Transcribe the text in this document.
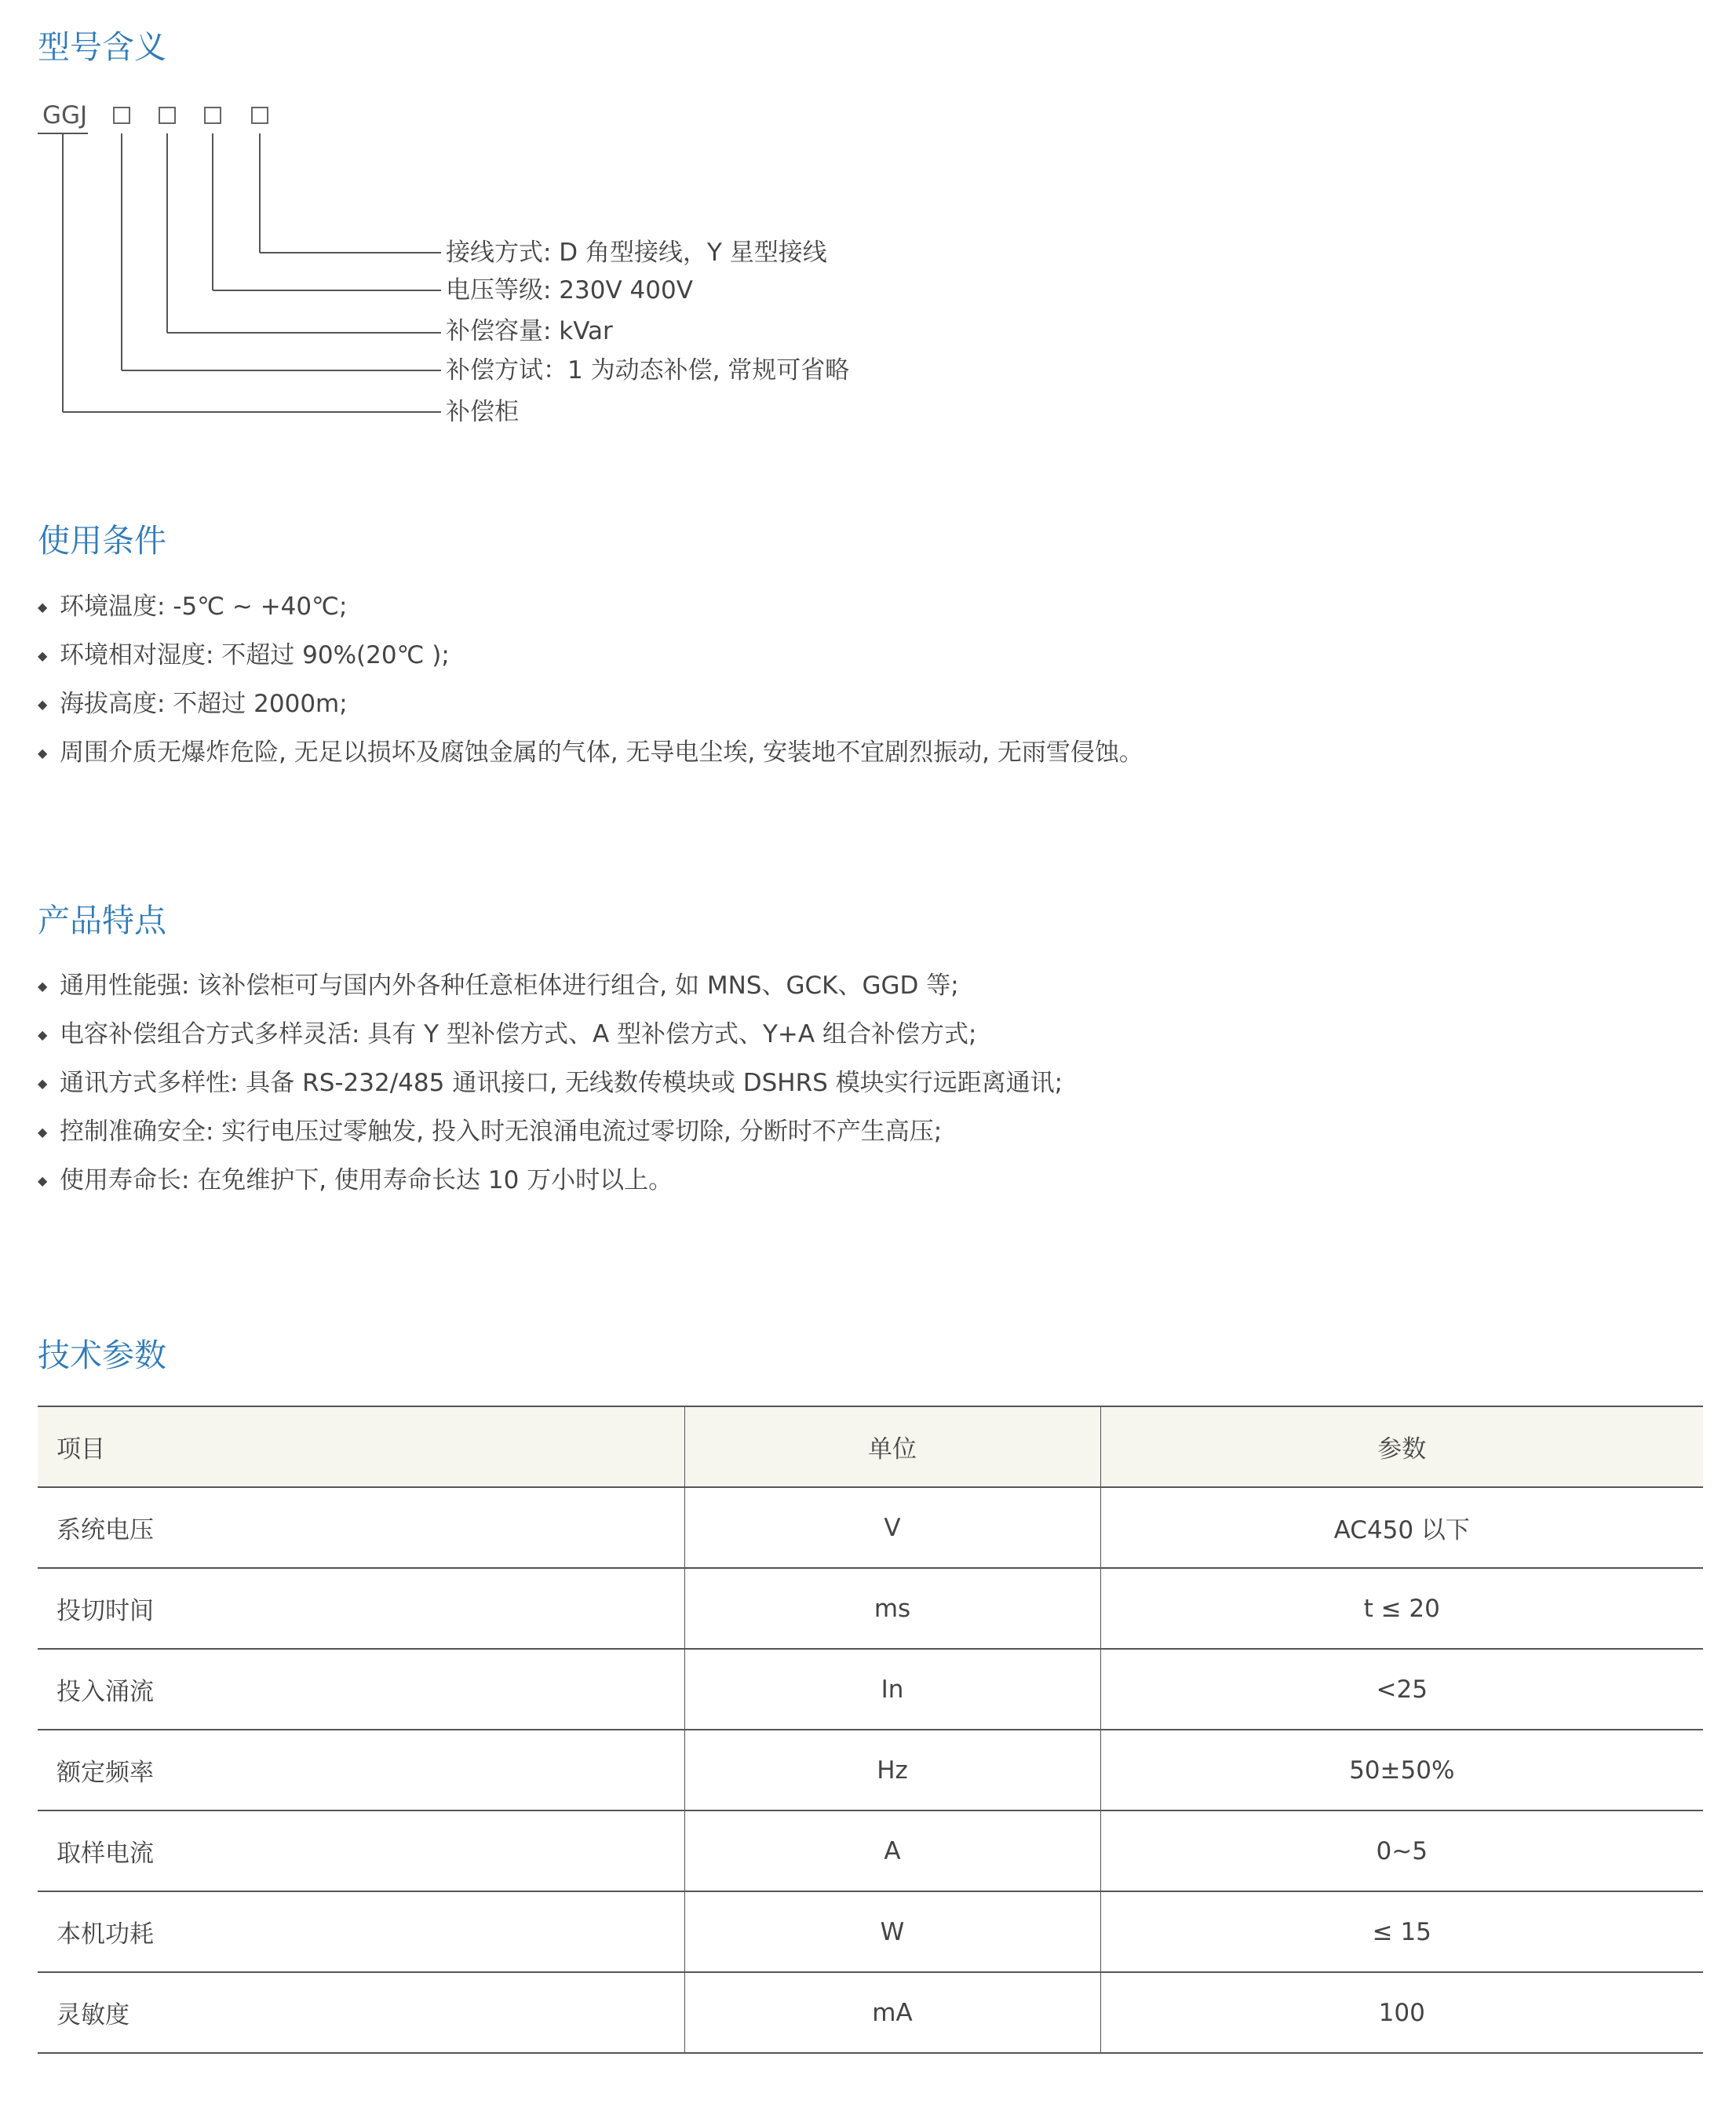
型号含义
GGJ
接线方式: D 角型接线，Y 星型接线
电压等级: 230V 400V
补偿容量: kVar
补偿方试：1 为动态补偿, 常规可省略
补偿柜
使用条件
◆ 环境温度: -5℃ ~ +40℃;
◆ 环境相对湿度: 不超过 90%(20℃ );
◆ 海拔高度: 不超过 2000m;
◆ 周围介质无爆炸危险, 无足以损坏及腐蚀金属的气体, 无导电尘埃, 安装地不宜剧烈振动, 无雨雪侵蚀。
产品特点
◆ 通用性能强: 该补偿柜可与国内外各种任意柜体进行组合, 如 MNS、GCK、GGD 等;
◆ 电容补偿组合方式多样灵活: 具有 Y 型补偿方式、A 型补偿方式、Y+A 组合补偿方式;
◆ 通讯方式多样性: 具备 RS-232/485 通讯接口, 无线数传模块或 DSHRS 模块实行远距离通讯;
◆ 控制准确安全: 实行电压过零触发, 投入时无浪涌电流过零切除, 分断时不产生高压;
◆ 使用寿命长: 在免维护下, 使用寿命长达 10 万小时以上。
技术参数
项目	单位	参数
系统电压	V	AC450 以下
投切时间	ms	t ≤ 20
投入涌流	In	<25
额定频率	Hz	50±50%
取样电流	A	0~5
本机功耗	W	≤ 15
灵敏度	mA	100
